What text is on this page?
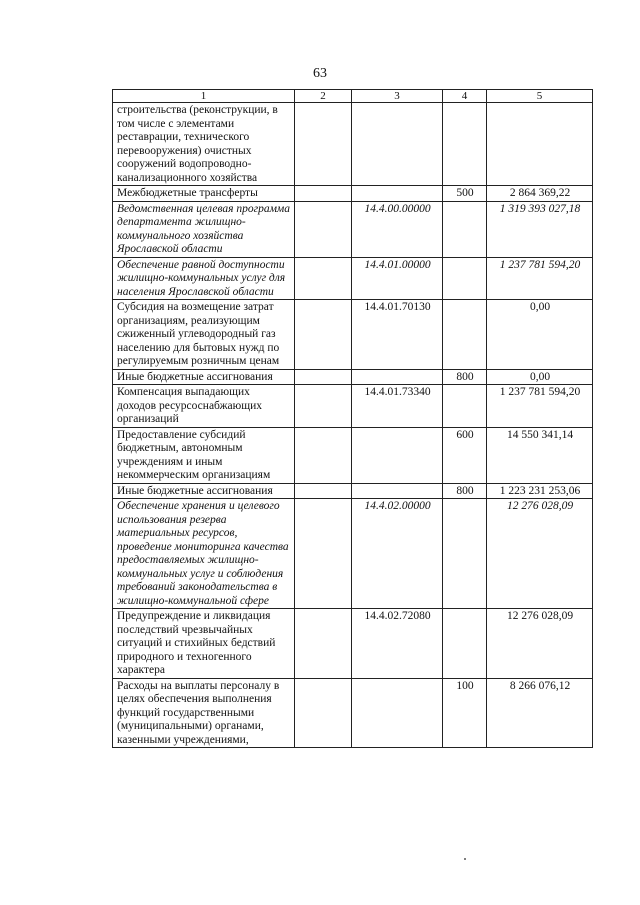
63
1	2	3	4	5
строительства (реконструкции, в том числе с элементами реставрации, технического перевооружения) очистных сооружений водопроводно-канализационного хозяйства				
Межбюджетные трансферты			500	2 864 369,22
Ведомственная целевая программа департамента жилищно-коммунального хозяйства Ярославской области		14.4.00.00000		1 319 393 027,18
Обеспечение равной доступности жилищно-коммунальных услуг для населения Ярославской области		14.4.01.00000		1 237 781 594,20
Субсидия на возмещение затрат организациям, реализующим сжиженный углеводородный газ населению для бытовых нужд по регулируемым розничным ценам		14.4.01.70130		0,00
Иные бюджетные ассигнования			800	0,00
Компенсация выпадающих доходов ресурсоснабжающих организаций		14.4.01.73340		1 237 781 594,20
Предоставление субсидий бюджетным, автономным учреждениям и иным некоммерческим организациям			600	14 550 341,14
Иные бюджетные ассигнования			800	1 223 231 253,06
Обеспечение хранения и целевого использования резерва материальных ресурсов, проведение мониторинга качества предоставляемых жилищно-коммунальных услуг и соблюдения требований законодательства в жилищно-коммунальной сфере		14.4.02.00000		12 276 028,09
Предупреждение и ликвидация последствий чрезвычайных ситуаций и стихийных бедствий природного и техногенного характера		14.4.02.72080		12 276 028,09
Расходы на выплаты персоналу в целях обеспечения выполнения функций государственными (муниципальными) органами, казенными учреждениями,			100	8 266 076,12
